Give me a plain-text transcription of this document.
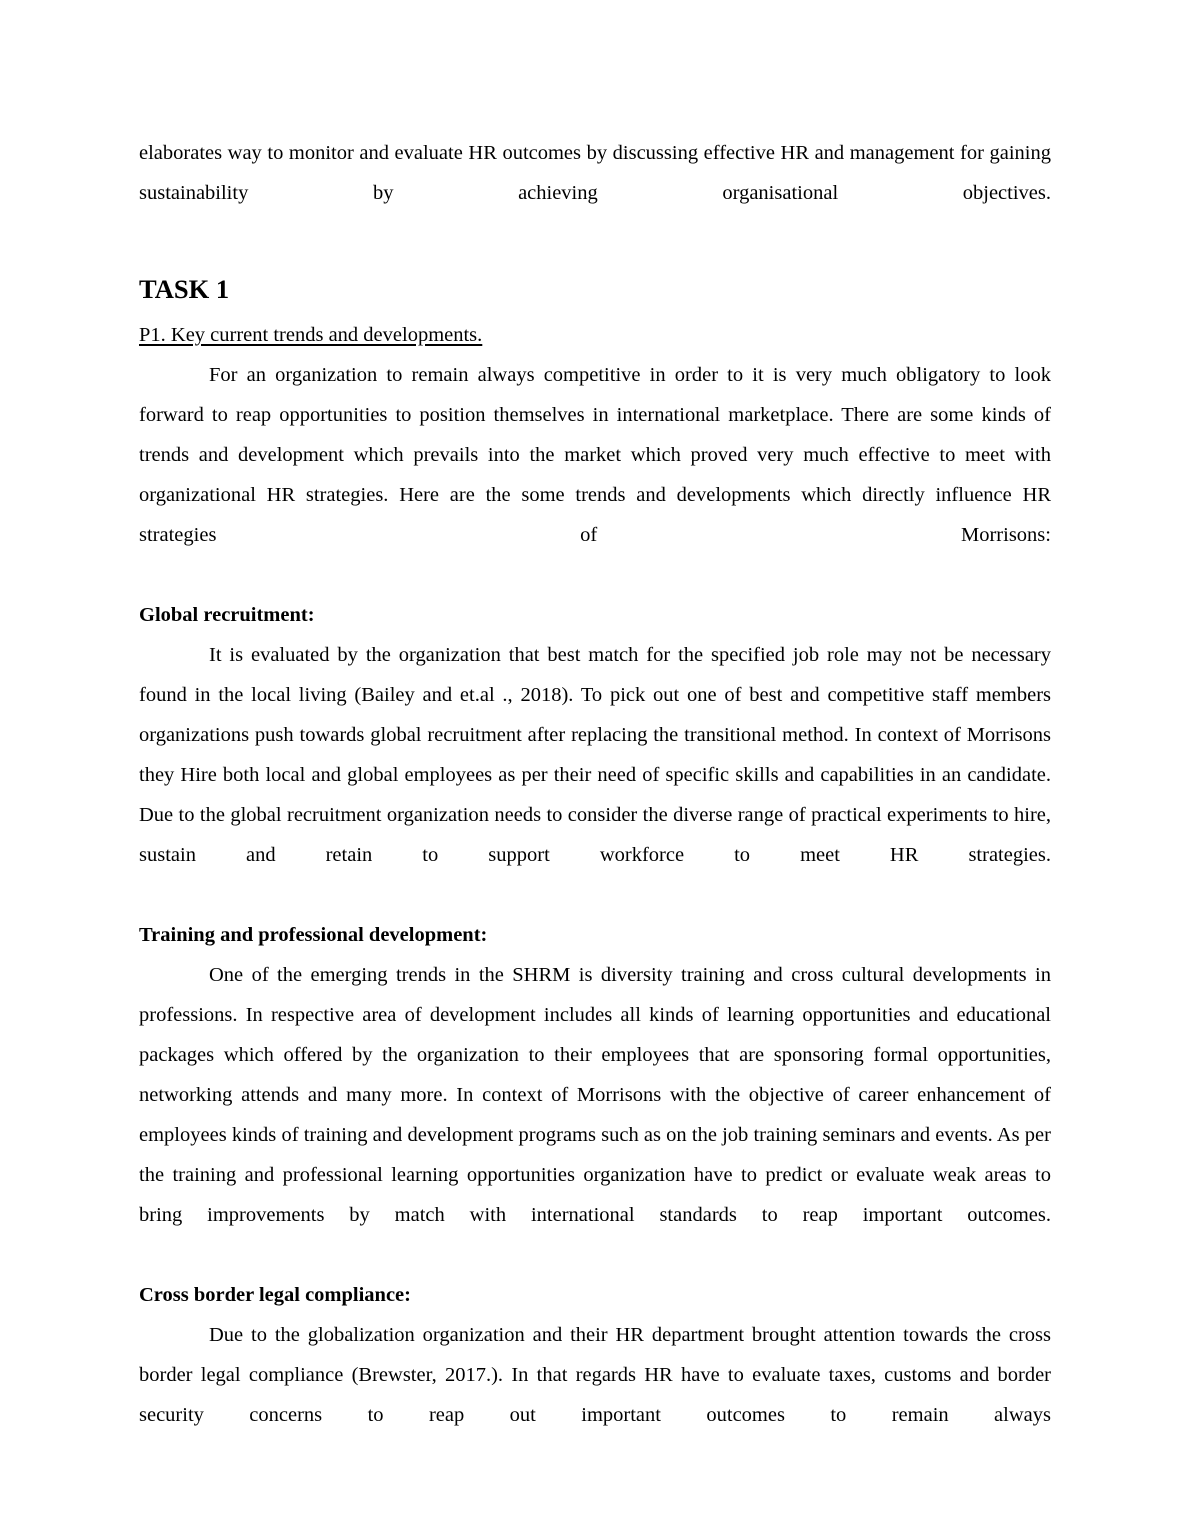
elaborates way to monitor and evaluate HR outcomes by discussing effective HR and management for gaining sustainability by achieving organisational objectives.

TASK 1
P1. Key current trends and developments.

For an organization to remain always competitive in order to it is very much obligatory to look forward to reap opportunities to position themselves in international marketplace. There are some kinds of trends and development which prevails into the market which proved very much effective to meet with organizational HR strategies. Here are the some trends and developments which directly influence HR strategies of Morrisons:

Global recruitment:

It is evaluated by the organization that best match for the specified job role may not be necessary found in the local living (Bailey and et.al ., 2018). To pick out one of best and competitive staff members organizations push towards global recruitment after replacing the transitional method. In context of Morrisons they Hire both local and global employees as per their need of specific skills and capabilities in an candidate. Due to the global recruitment organization needs to consider the diverse range of practical experiments to hire, sustain and retain to support workforce to meet HR strategies.

Training and professional development:

One of the emerging trends in the SHRM is diversity training and cross cultural developments in professions. In respective area of development includes all kinds of learning opportunities and educational packages which offered by the organization to their employees that are sponsoring formal opportunities, networking attends and many more. In context of Morrisons with the objective of career enhancement of employees kinds of training and development programs such as on the job training seminars and events. As per the training and professional learning opportunities organization have to predict or evaluate weak areas to bring improvements by match with international standards to reap important outcomes.

Cross border legal compliance:

Due to the globalization organization and their HR department brought attention towards the cross border legal compliance (Brewster, 2017.). In that regards HR have to evaluate taxes, customs and border security concerns to reap out important outcomes to remain always
